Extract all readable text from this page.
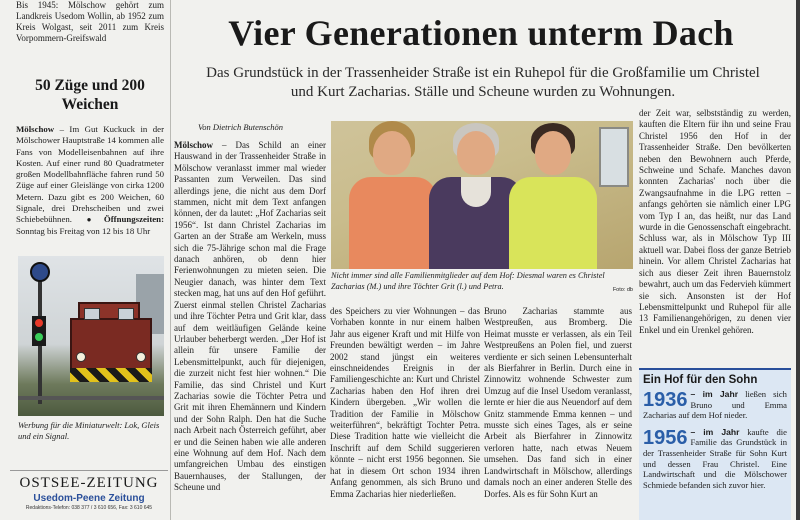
Bis 1945: Mölschow gehört zum Landkreis Usedom Wollin, ab 1952 zum Kreis Wolgast, seit 2011 zum Kreis Vorpommern-Greifswald

50 Züge und 200 Weichen

Mölschow – Im Gut Kuckuck in der Mölschower Hauptstraße 14 kommen alle Fans von Modelleisenbahnen auf ihre Kosten. Auf einer rund 80 Quadratmeter großen Modellbahnfläche fahren rund 50 Züge auf einer Gleislänge von cirka 1200 Metern. Dazu gibt es 200 Weichen, 60 Signale, drei Drehscheiben und zwei Schiebebühnen. ●Öffnungszeiten: Sonntag bis Freitag von 12 bis 18 Uhr

Werbung für die Miniaturwelt: Lok, Gleis und ein Signal.

OSTSEE-ZEITUNG
Usedom-Peene Zeitung
Redaktions-Telefon: 038 377 / 3 610 656, Fax: 3 610 645
Vier Generationen unterm Dach

Das Grundstück in der Trassenheider Straße ist ein Ruhepol für die Großfamilie um Christel und Kurt Zacharias. Ställe und Scheune wurden zu Wohnungen.

Von Dietrich Butenschön

Mölschow – Das Schild an einer Hauswand in der Trassenheider Straße in Mölschow veranlasst immer mal wieder Passanten zum Verweilen. Das sind allerdings jene, die nicht aus dem Dorf stammen, nicht mit dem Text anfangen können, der da lautet: „Hof Zacharias seit 1956“. Ist dann Christel Zacharias im Garten an der Straße am Werkeln, muss sich die 75-Jährige schon mal die Frage danach anhören, ob denn hier Ferienwohnungen zu mieten seien. Die Neugier danach, was hinter dem Text stecken mag, hat uns auf den Hof geführt. Zuerst einmal stellen Christel Zacharias und ihre Töchter Petra und Grit klar, dass auf dem weitläufigen Gelände keine Urlauber beherbergt werden. „Der Hof ist allein für unsere Familie der Lebensmittelpunkt, auch für diejenigen, die zurzeit nicht fest hier wohnen.“ Die Familie, das sind Christel und Kurt Zacharias sowie die Töchter Petra und Grit mit ihren Ehemännern und Kindern und der Sohn Ralph. Den hat die Suche nach Arbeit nach Österreich geführt, aber er und die Seinen haben wie alle anderen eine Wohnung auf dem Hof. Nach dem umfangreichen Umbau des einstigen Bauernhauses, der Stallungen, der Scheune und

Nicht immer sind alle Familienmitglieder auf dem Hof: Diesmal waren es Christel Zacharias (M.) und ihre Töchter Grit (l.) und Petra.	Foto: db

des Speichers zu vier Wohnungen – das Vorhaben konnte in nur einem halben Jahr aus eigener Kraft und mit Hilfe von Freunden bewältigt werden – im Jahre 2002 stand jüngst ein weiteres einschneidendes Ereignis in der Familiengeschichte an: Kurt und Christel Zacharias haben den Hof ihren drei Kindern übergeben. „Wir wollen die Tradition der Familie in Mölschow weiterführen“, bekräftigt Tochter Petra. Diese Tradition hatte wie vielleicht die Inschrift auf dem Schild suggerieren könnte – nicht erst 1956 begonnen. Sie hat in diesem Ort schon 1934 ihren Anfang genommen, als sich Bruno und Emma Zacharias hier niederließen.

Bruno Zacharias stammte aus Westpreußen, aus Bromberg. Die Heimat musste er verlassen, als ein Teil Westpreußens an Polen fiel, und zuerst verdiente er sich seinen Lebensunterhalt als Bierfahrer in Berlin. Durch eine in Zinnowitz wohnende Schwester zum Umzug auf die Insel Usedom veranlasst, lernte er hier die aus Neuendorf auf dem Gnitz stammende Emma kennen – und musste sich eines Tages, als er seine Arbeit als Bierfahrer in Zinnowitz verloren hatte, nach etwas Neuem umsehen. Das fand sich in einer Landwirtschaft in Mölschow, allerdings damals noch an einer anderen Stelle des Dorfes. Als es für Sohn Kurt an

der Zeit war, selbstständig zu werden, kauften die Eltern für ihn und seine Frau Christel 1956 den Hof in der Trassenheider Straße. Den bevölkerten neben den Bewohnern auch Pferde, Schweine und Schafe. Manches davon konnten Zacharias' noch über die Zwangsaufnahme in die LPG retten – anfangs gehörten sie nämlich einer LPG vom Typ I an, das heißt, nur das Land wurde in die Genossenschaft eingebracht. Schluss war, als in Mölschow Typ III aktuell war. Dabei floss der ganze Betrieb hinein. Vor allem Christel Zacharias hat sich aus dieser Zeit ihren Bauernstolz bewahrt, auch um das Federvieh kümmert sie sich. Ansonsten ist der Hof Lebensmittelpunkt und Ruhepol für alle 13 Familienangehörigen, zu denen vier Enkel und ein Urenkel gehören.

Ein Hof für den Sohn
1936 – im Jahr ließen sich Bruno und Emma Zacharias auf dem Hof nieder.
1956 – im Jahr kaufte die Familie das Grundstück in der Trassenheider Straße für Sohn Kurt und dessen Frau Christel. Eine Landwirtschaft und die Mölschower Schmiede befanden sich zuvor hier.
